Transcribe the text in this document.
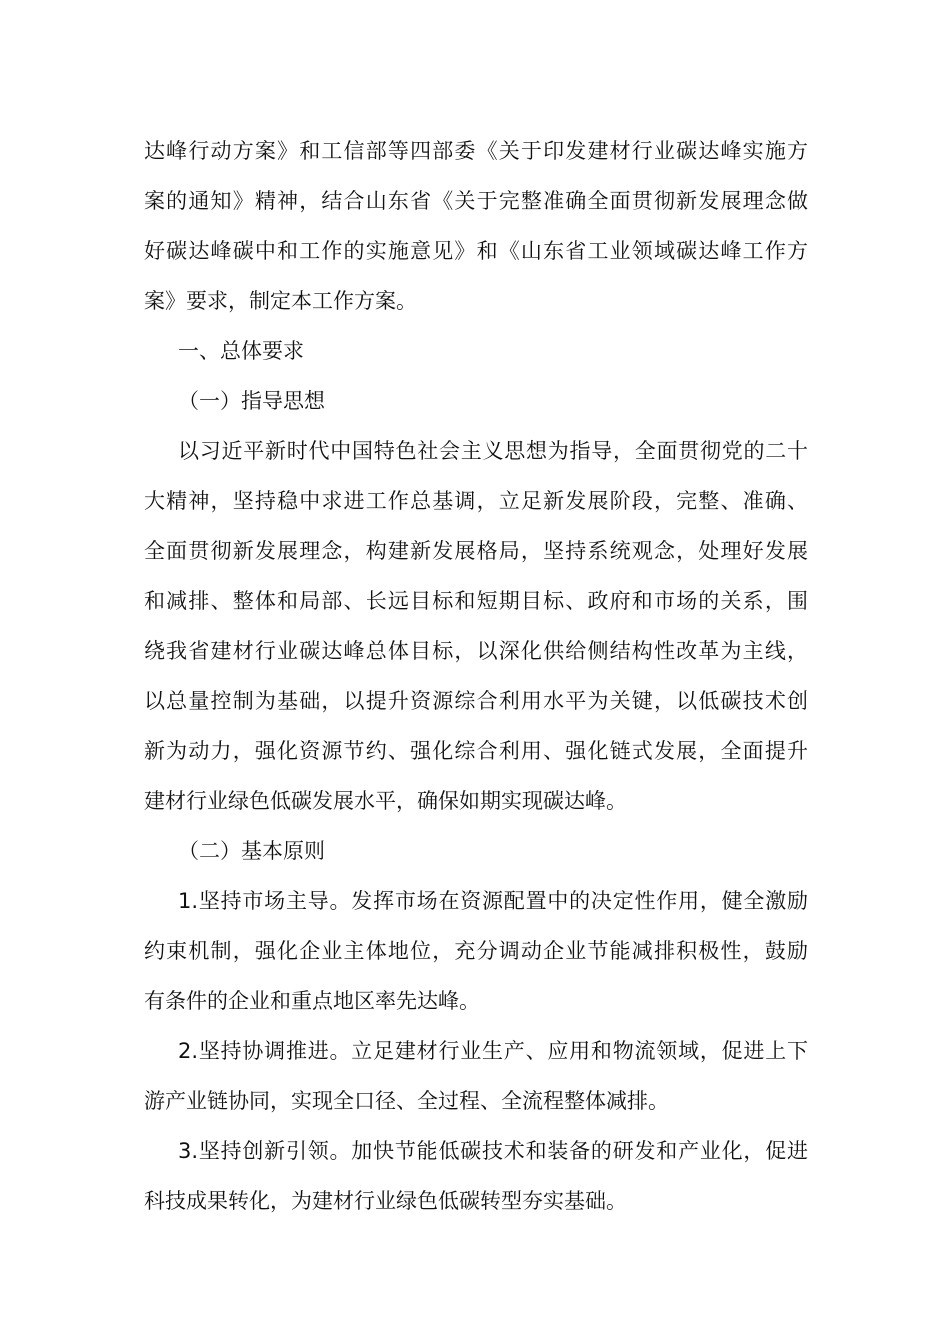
达峰行动方案》和工信部等四部委《关于印发建材行业碳达峰实施方
案的通知》精神，结合山东省《关于完整准确全面贯彻新发展理念做
好碳达峰碳中和工作的实施意见》和《山东省工业领域碳达峰工作方
案》要求，制定本工作方案。
一、总体要求
（一）指导思想
以习近平新时代中国特色社会主义思想为指导，全面贯彻党的二十
大精神，坚持稳中求进工作总基调，立足新发展阶段，完整、准确、
全面贯彻新发展理念，构建新发展格局，坚持系统观念，处理好发展
和减排、整体和局部、长远目标和短期目标、政府和市场的关系，围
绕我省建材行业碳达峰总体目标，以深化供给侧结构性改革为主线，
以总量控制为基础，以提升资源综合利用水平为关键，以低碳技术创
新为动力，强化资源节约、强化综合利用、强化链式发展，全面提升
建材行业绿色低碳发展水平，确保如期实现碳达峰。
（二）基本原则
1.坚持市场主导。发挥市场在资源配置中的决定性作用，健全激励
约束机制，强化企业主体地位，充分调动企业节能减排积极性，鼓励
有条件的企业和重点地区率先达峰。
2.坚持协调推进。立足建材行业生产、应用和物流领域，促进上下
游产业链协同，实现全口径、全过程、全流程整体减排。
3.坚持创新引领。加快节能低碳技术和装备的研发和产业化，促进
科技成果转化，为建材行业绿色低碳转型夯实基础。
